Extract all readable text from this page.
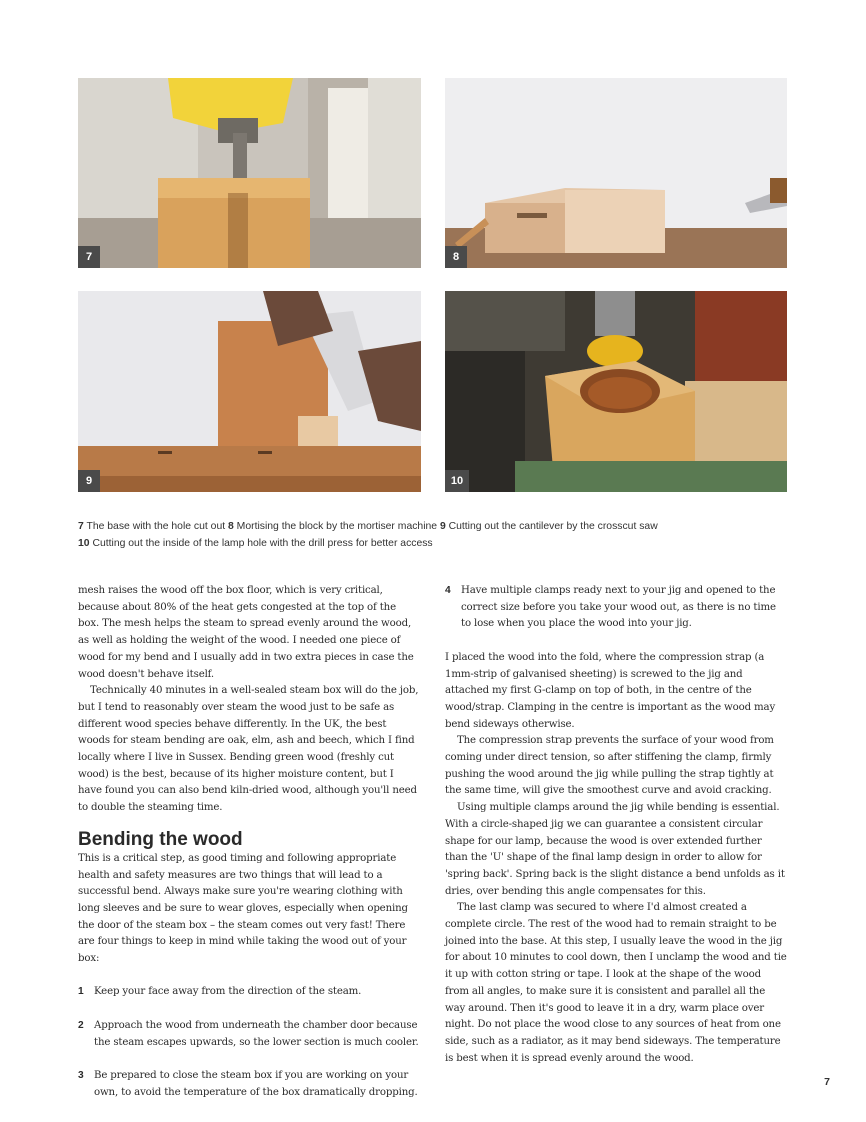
7	8
9	10
7 The base with the hole cut out 8 Mortising the block by the mortiser machine 9 Cutting out the cantilever by the crosscut saw
10 Cutting out the inside of the lamp hole with the drill press for better access

mesh raises the wood off the box floor, which is very critical, because about 80% of the heat gets congested at the top of the box. The mesh helps the steam to spread evenly around the wood, as well as holding the weight of the wood. I needed one piece of wood for my bend and I usually add in two extra pieces in case the wood doesn't behave itself.

Technically 40 minutes in a well-sealed steam box will do the job, but I tend to reasonably over steam the wood just to be safe as different wood species behave differently. In the UK, the best woods for steam bending are oak, elm, ash and beech, which I find locally where I live in Sussex. Bending green wood (freshly cut wood) is the best, because of its higher moisture content, but I have found you can also bend kiln-dried wood, although you'll need to double the steaming time.

Bending the wood

This is a critical step, as good timing and following appropriate health and safety measures are two things that will lead to a successful bend. Always make sure you're wearing clothing with long sleeves and be sure to wear gloves, especially when opening the door of the steam box – the steam comes out very fast! There are four things to keep in mind while taking the wood out of your box:

1 Keep your face away from the direction of the steam.
2 Approach the wood from underneath the chamber door because the steam escapes upwards, so the lower section is much cooler.
3 Be prepared to close the steam box if you are working on your own, to avoid the temperature of the box dramatically dropping.
4 Have multiple clamps ready next to your jig and opened to the correct size before you take your wood out, as there is no time to lose when you place the wood into your jig.

I placed the wood into the fold, where the compression strap (a 1mm-strip of galvanised sheeting) is screwed to the jig and attached my first G-clamp on top of both, in the centre of the wood/strap. Clamping in the centre is important as the wood may bend sideways otherwise.

The compression strap prevents the surface of your wood from coming under direct tension, so after stiffening the clamp, firmly pushing the wood around the jig while pulling the strap tightly at the same time, will give the smoothest curve and avoid cracking.

Using multiple clamps around the jig while bending is essential. With a circle-shaped jig we can guarantee a consistent circular shape for our lamp, because the wood is over extended further than the 'U' shape of the final lamp design in order to allow for 'spring back'. Spring back is the slight distance a bend unfolds as it dries, over bending this angle compensates for this.

The last clamp was secured to where I'd almost created a complete circle. The rest of the wood had to remain straight to be joined into the base. At this step, I usually leave the wood in the jig for about 10 minutes to cool down, then I unclamp the wood and tie it up with cotton string or tape. I look at the shape of the wood from all angles, to make sure it is consistent and parallel all the way around. Then it's good to leave it in a dry, warm place over night. Do not place the wood close to any sources of heat from one side, such as a radiator, as it may bend sideways. The temperature is best when it is spread evenly around the wood.

7
